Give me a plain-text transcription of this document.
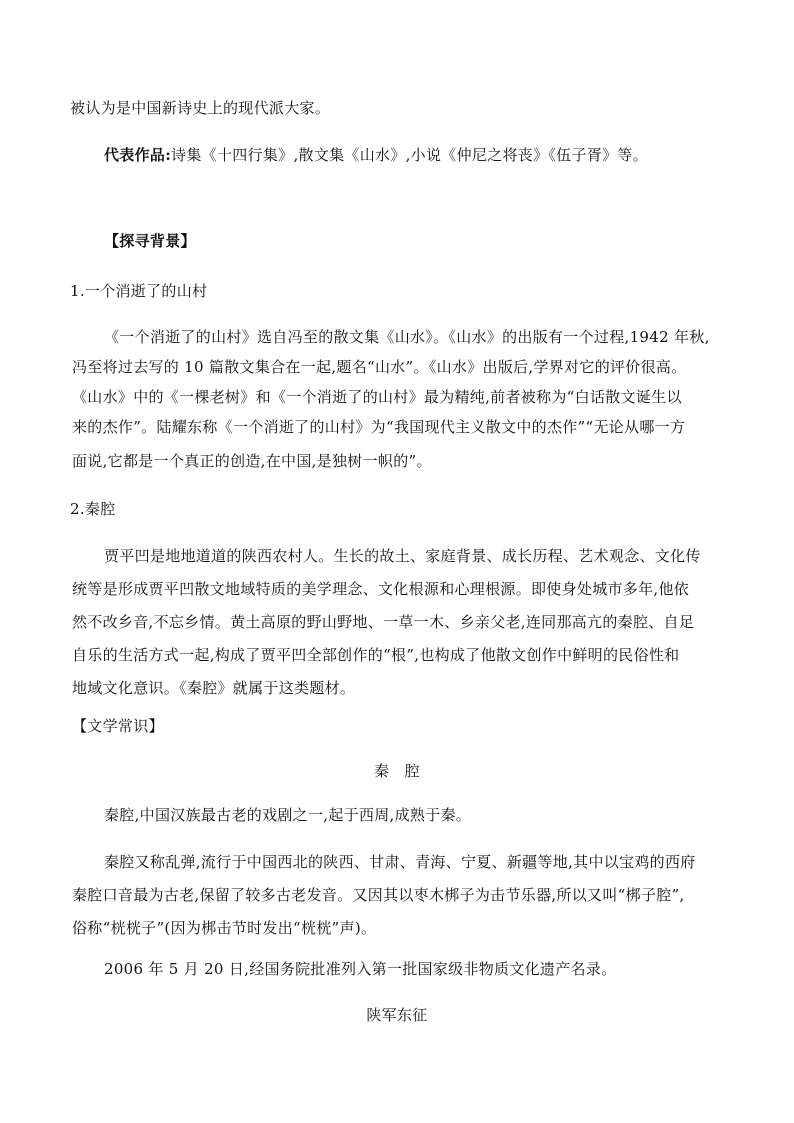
被认为是中国新诗史上的现代派大家。
代表作品:诗集《十四行集》,散文集《山水》,小说《仲尼之将丧》《伍子胥》等。
【探寻背景】
1.一个消逝了的山村
《一个消逝了的山村》选自冯至的散文集《山水》。《山水》的出版有一个过程,1942 年秋,
冯至将过去写的 10 篇散文集合在一起,题名“山水”。《山水》出版后,学界对它的评价很高。
《山水》中的《一棵老树》和《一个消逝了的山村》最为精纯,前者被称为“白话散文诞生以
来的杰作”。陆耀东称《一个消逝了的山村》为“我国现代主义散文中的杰作”“无论从哪一方
面说,它都是一个真正的创造,在中国,是独树一帜的”。
2.秦腔
贾平凹是地地道道的陕西农村人。生长的故土、家庭背景、成长历程、艺术观念、文化传
统等是形成贾平凹散文地域特质的美学理念、文化根源和心理根源。即使身处城市多年,他依
然不改乡音,不忘乡情。黄土高原的野山野地、一草一木、乡亲父老,连同那高亢的秦腔、自足
自乐的生活方式一起,构成了贾平凹全部创作的“根”,也构成了他散文创作中鲜明的民俗性和
地域文化意识。《秦腔》就属于这类题材。
【文学常识】
秦　腔
秦腔,中国汉族最古老的戏剧之一,起于西周,成熟于秦。
秦腔又称乱弹,流行于中国西北的陕西、甘肃、青海、宁夏、新疆等地,其中以宝鸡的西府
秦腔口音最为古老,保留了较多古老发音。又因其以枣木梆子为击节乐器,所以又叫“梆子腔”,
俗称“桄桄子”(因为梆击节时发出“桄桄”声)。
2006 年 5 月 20 日,经国务院批准列入第一批国家级非物质文化遗产名录。
陕军东征
